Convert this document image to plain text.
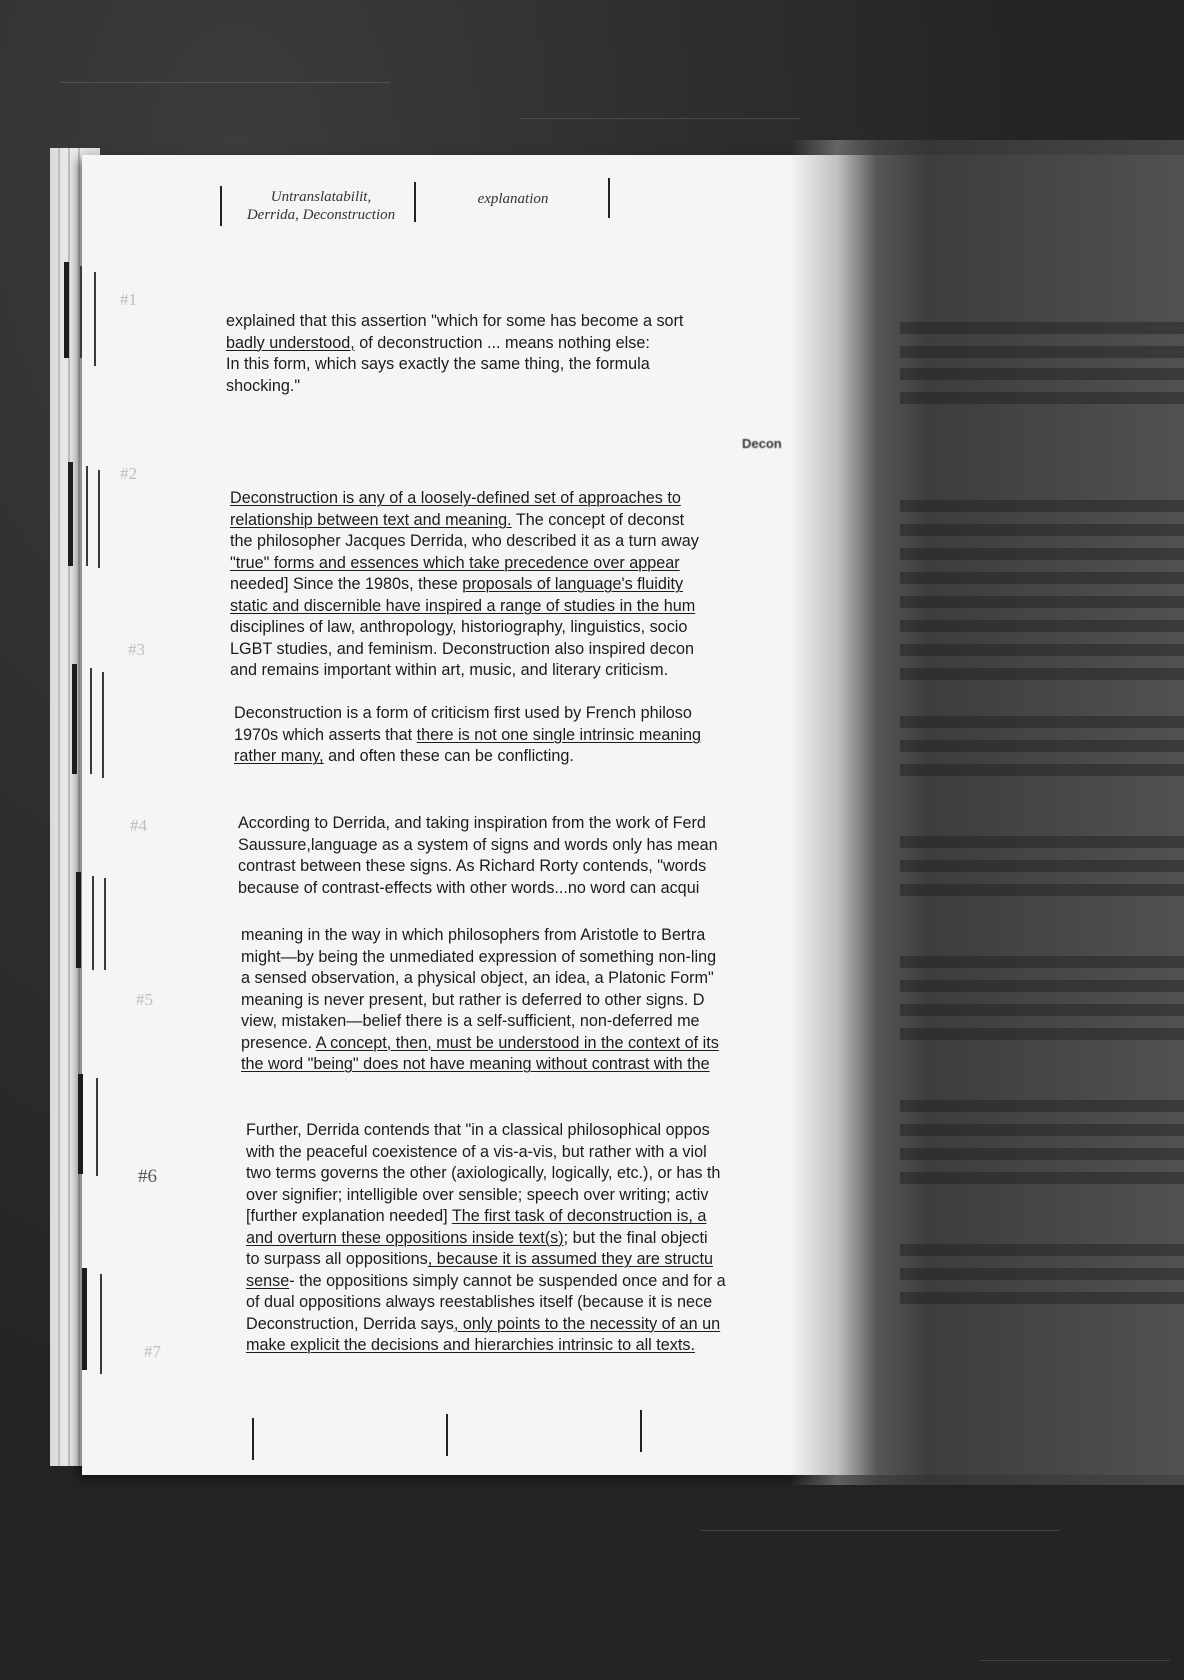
Untranslatabilit,
Derrida, Deconstruction
explanation
#1
#2
#3
#4
#5
#6
#7
explained that this assertion "which for some has become a sort
badly understood, of deconstruction ... means nothing else:
In this form, which says exactly the same thing, the formula
shocking."
Decon
Deconstruction is any of a loosely-defined set of approaches to
relationship between text and meaning. The concept of deconst
the philosopher Jacques Derrida, who described it as a turn away
"true" forms and essences which take precedence over appear
needed] Since the 1980s, these proposals of language's fluidity
static and discernible have inspired a range of studies in the hum
disciplines of law, anthropology, historiography, linguistics, socio
LGBT studies, and feminism. Deconstruction also inspired decon
and remains important within art, music, and literary criticism.
Deconstruction is a form of criticism first used by French philoso
1970s which asserts that there is not one single intrinsic meaning
rather many, and often these can be conflicting.
According to Derrida, and taking inspiration from the work of Ferd
Saussure,language as a system of signs and words only has mean
contrast between these signs. As Richard Rorty contends, "words
because of contrast-effects with other words...no word can acqui
meaning in the way in which philosophers from Aristotle to Bertra
might—by being the unmediated expression of something non-ling
a sensed observation, a physical object, an idea, a Platonic Form"
meaning is never present, but rather is deferred to other signs. D
view, mistaken—belief there is a self-sufficient, non-deferred me
presence. A concept, then, must be understood in the context of its
the word "being" does not have meaning without contrast with the
Further, Derrida contends that "in a classical philosophical oppos
with the peaceful coexistence of a vis-a-vis, but rather with a viol
two terms governs the other (axiologically, logically, etc.), or has th
over signifier; intelligible over sensible; speech over writing; activ
[further explanation needed] The first task of deconstruction is, a
and overturn these oppositions inside text(s); but the final objecti
to surpass all oppositions, because it is assumed they are structu
sense- the oppositions simply cannot be suspended once and for a
of dual oppositions always reestablishes itself (because it is nece
Deconstruction, Derrida says, only points to the necessity of an un
make explicit the decisions and hierarchies intrinsic to all texts.
